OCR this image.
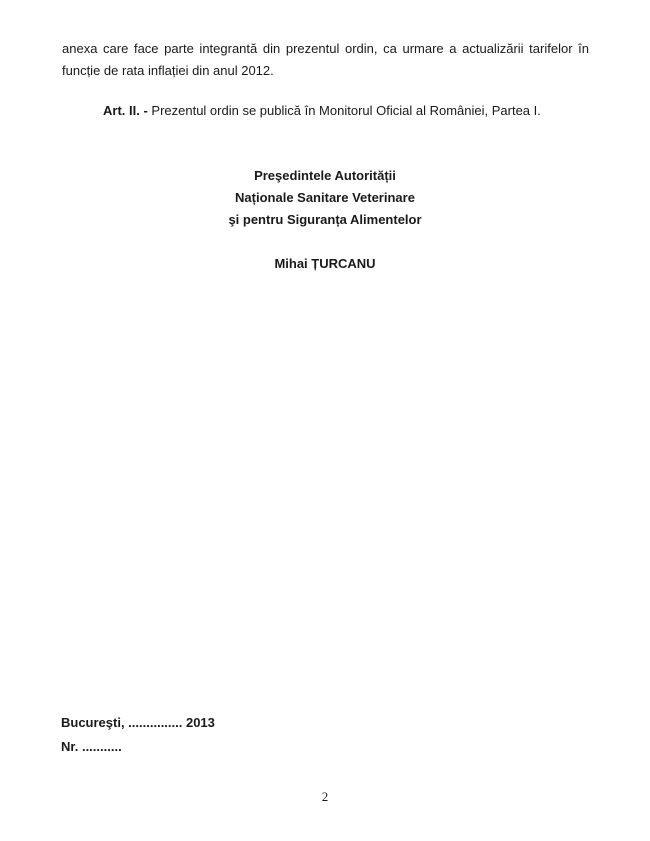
anexa care face parte integrantă din prezentul ordin, ca urmare a actualizării tarifelor în funcție de rata inflației din anul 2012.
Art. II. - Prezentul ordin se publică în Monitorul Oficial al României, Partea I.
Preşedintele Autorității
Naționale Sanitare Veterinare
şi pentru Siguranța Alimentelor
Mihai ȚURCANU
Bucureşti, ............... 2013
Nr. ...........
2
